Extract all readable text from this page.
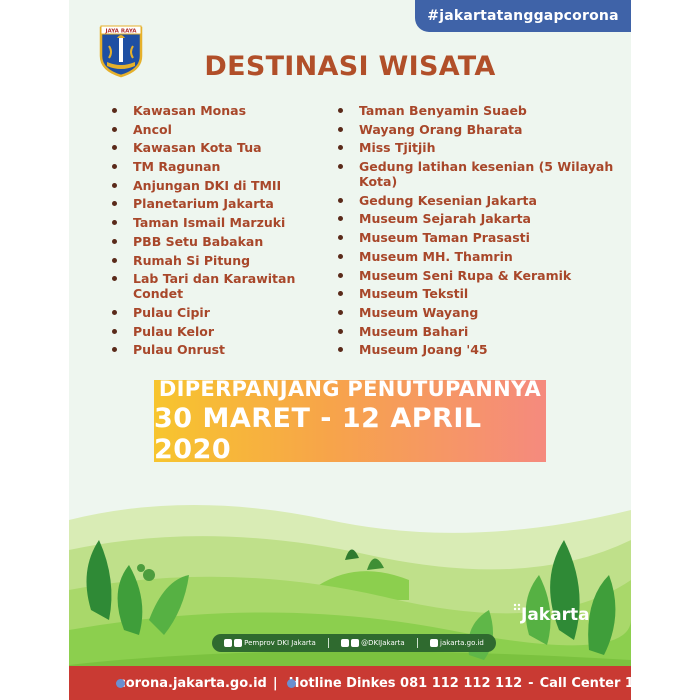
#jakartatanggapcorona
JAYA RAYA
DESTINASI WISATA
Kawasan Monas
Ancol
Kawasan Kota Tua
TM Ragunan
Anjungan DKI di TMII
Planetarium Jakarta
Taman Ismail Marzuki
PBB Setu Babakan
Rumah Si Pitung
Lab Tari dan Karawitan Condet
Pulau Cipir
Pulau Kelor
Pulau Onrust
Taman Benyamin Suaeb
Wayang Orang Bharata
Miss Tjitjih
Gedung latihan kesenian (5 Wilayah Kota)
Gedung Kesenian Jakarta
Museum Sejarah Jakarta
Museum Taman Prasasti
Museum MH. Thamrin
Museum Seni Rupa & Keramik
Museum Tekstil
Museum Wayang
Museum Bahari
Museum Joang '45
DIPERPANJANG PENUTUPANNYA
30 MARET - 12 APRIL 2020
Jakarta
Pemprov DKI Jakarta	@DKIJakarta	jakarta.go.id
corona.jakarta.go.id | Hotline Dinkes 081 112 112 112 - Call Center 112
